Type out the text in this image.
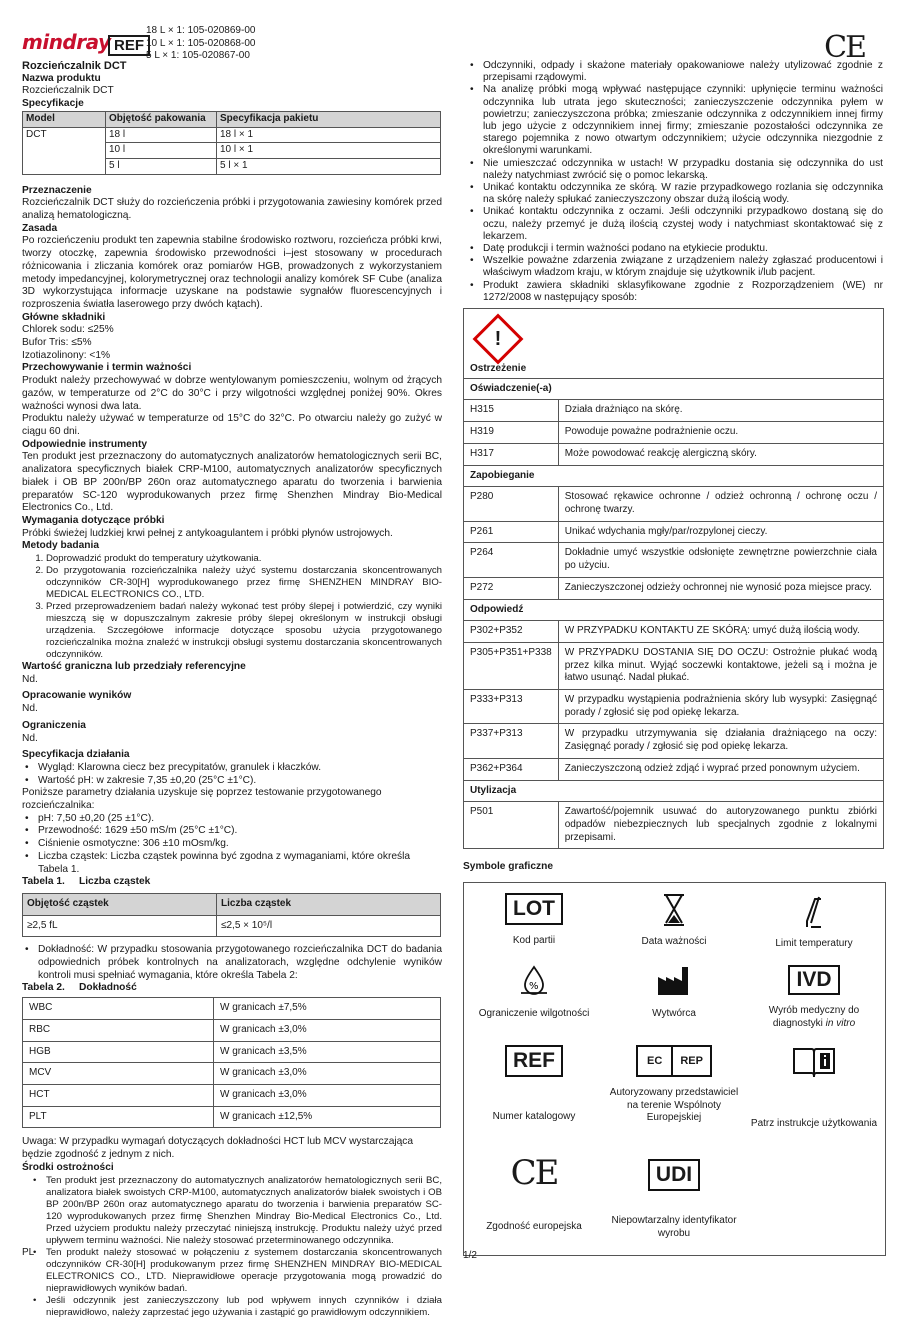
mindray REF
18 L × 1: 105-020869-00
10 L × 1: 105-020868-00
5 L × 1: 105-020867-00	CE
Rozcieńczalnik DCT
Nazwa produktu
Rozcieńczalnik DCT
Specyfikacje
Model	Objętość pakowania	Specyfikacja pakietu
DCT	18 l	18 l × 1
	10 l	10 l × 1
	5 l	5 l × 1
Przeznaczenie

Rozcieńczalnik DCT służy do rozcieńczenia próbki i przygotowania zawiesiny komórek przed analizą hematologiczną.

Zasada

Po rozcieńczeniu produkt ten zapewnia stabilne środowisko roztworu, rozcieńcza próbki krwi, tworzy otoczkę, zapewnia środowisko przewodności i–jest stosowany w procedurach różnicowania i zliczania komórek oraz pomiarów HGB, prowadzonych z wykorzystaniem metody impedancyjnej, kolorymetrycznej oraz technologii analizy komórek SF Cube (analiza 3D wykorzystująca informacje uzyskane na podstawie sygnałów fluorescencyjnych i rozproszenia światła laserowego przy dwóch kątach).

Główne składniki
Chlorek sodu: ≤25%
Bufor Tris: ≤5%
Izotiazolinony: <1%
Przechowywanie i termin ważności

Produkt należy przechowywać w dobrze wentylowanym pomieszczeniu, wolnym od żrących gazów, w temperaturze od 2°C do 30°C i przy wilgotności względnej poniżej 90%. Okres ważności wynosi dwa lata.

Produktu należy używać w temperaturze od 15°C do 32°C. Po otwarciu należy go zużyć w ciągu 60 dni.

Odpowiednie instrumenty

Ten produkt jest przeznaczony do automatycznych analizatorów hematologicznych serii BC, analizatora specyficznych białek CRP-M100, automatycznych analizatorów specyficznych białek i OB BP 200n/BP 260n oraz automatycznego aparatu do tworzenia i barwienia preparatów SC-120 wyprodukowanych przez firmę Shenzhen Mindray Bio-Medical Electronics Co., Ltd.

Wymagania dotyczące próbki

Próbki świeżej ludzkiej krwi pełnej z antykoagulantem i próbki płynów ustrojowych.

Metody badania
1. Doprowadzić produkt do temperatury użytkowania.
2. Do przygotowania rozcieńczalnika należy użyć systemu dostarczania skoncentrowanych odczynników CR-30[H] wyprodukowanego przez firmę SHENZHEN MINDRAY BIO-MEDICAL ELECTRONICS CO., LTD.
3. Przed przeprowadzeniem badań należy wykonać test próby ślepej i potwierdzić, czy wyniki mieszczą się w dopuszczalnym zakresie próby ślepej określonym w instrukcji obsługi urządzenia. Szczegółowe informacje dotyczące sposobu użycia przygotowanego rozcieńczalnika można znaleźć w instrukcji obsługi systemu dostarczania skoncentrowanych odczynników.
Wartość graniczna lub przedziały referencyjne
Nd.
Opracowanie wyników
Nd.
Ograniczenia
Nd.
Specyfikacja działania
• Wygląd: Klarowna ciecz bez precypitatów, granulek i kłaczków.
• Wartość pH: w zakresie 7,35 ±0,20 (25°C ±1°C).
Poniższe parametry działania uzyskuje się poprzez testowanie przygotowanego rozcieńczalnika:
• pH: 7,50 ±0,20 (25 ±1°C).
• Przewodność: 1629 ±50 mS/m (25°C ±1°C).
• Ciśnienie osmotyczne: 306 ±10 mOsm/kg.
• Liczba cząstek: Liczba cząstek powinna być zgodna z wymaganiami, które określa Tabela 1.
Tabela 1.     Liczba cząstek
Objętość cząstek	Liczba cząstek
≥2,5 fL	≤2,5 × 10⁵/l
• Dokładność: W przypadku stosowania przygotowanego rozcieńczalnika DCT do badania odpowiednich próbek kontrolnych na analizatorach, względne odchylenie wyników kontroli musi spełniać wymagania, które określa Tabela 2:
Tabela 2.     Dokładność
WBC	W granicach ±7,5%
RBC	W granicach ±3,0%
HGB	W granicach ±3,5%
MCV	W granicach ±3,0%
HCT	W granicach ±3,0%
PLT	W granicach ±12,5%

Uwaga: W przypadku wymagań dotyczących dokładności HCT lub MCV wystarczająca będzie zgodność z jednym z nich.

Środki ostrożności
• Ten produkt jest przeznaczony do automatycznych analizatorów hematologicznych serii BC, analizatora białek swoistych CRP-M100, automatycznych analizatorów białek swoistych i OB BP 200n/BP 260n oraz automatycznego aparatu do tworzenia i barwienia preparatów SC-120 wyprodukowanych przez firmę Shenzhen Mindray Bio-Medical Electronics Co., Ltd. Przed użyciem produktu należy przeczytać niniejszą instrukcję. Produktu należy użyć przed upływem terminu ważności. Nie należy stosować przeterminowanego odczynnika.
• Ten produkt należy stosować w połączeniu z systemem dostarczania skoncentrowanych odczynników CR-30[H] produkowanym przez firmę SHENZHEN MINDRAY BIO-MEDICAL ELECTRONICS CO., LTD. Nieprawidłowe operacje przygotowania mogą prowadzić do nieprawidłowych wyników badań.
• Jeśli odczynnik jest zanieczyszczony lub pod wpływem innych czynników i działa nieprawidłowo, należy zaprzestać jego używania i zastąpić go prawidłowym odczynnikiem.
PL
• Odczynniki, odpady i skażone materiały opakowaniowe należy utylizować zgodnie z przepisami rządowymi.
• Na analizę próbki mogą wpływać następujące czynniki: upłynięcie terminu ważności odczynnika lub utrata jego skuteczności; zanieczyszczenie odczynnika pyłem w powietrzu; zanieczyszczona próbka; zmieszanie odczynnika z odczynnikiem innej firmy lub jego użycie z odczynnikiem innej firmy; zmieszanie pozostałości odczynnika ze starego pojemnika z nowo otwartym odczynnikiem; użycie odczynnika niezgodnie z określonymi warunkami.
• Nie umieszczać odczynnika w ustach! W przypadku dostania się odczynnika do ust należy natychmiast zwrócić się o pomoc lekarską.
• Unikać kontaktu odczynnika ze skórą. W razie przypadkowego rozlania się odczynnika na skórę należy spłukać zanieczyszczony obszar dużą ilością wody.
• Unikać kontaktu odczynnika z oczami. Jeśli odczynniki przypadkowo dostaną się do oczu, należy przemyć je dużą ilością czystej wody i natychmiast skontaktować się z lekarzem.
• Datę produkcji i termin ważności podano na etykiecie produktu.
• Wszelkie poważne zdarzenia związane z urządzeniem należy zgłaszać producentowi i właściwym władzom kraju, w którym znajduje się użytkownik i/lub pacjent.
• Produkt zawiera składniki sklasyfikowane zgodnie z Rozporządzeniem (WE) nr 1272/2008 w następujący sposób:
!
Ostrzeżenie	

Oświadczenie(-a)	
H315	Działa drażniąco na skórę.
H319	Powoduje poważne podrażnienie oczu.
H317	Może powodować reakcję alergiczną skóry.
Zapobieganie	
P280	Stosować rękawice ochronne / odzież ochronną / ochronę oczu / ochronę twarzy.
P261	Unikać wdychania mgły/par/rozpylonej cieczy.
P264	Dokładnie umyć wszystkie odsłonięte zewnętrzne powierzchnie ciała po użyciu.
P272	Zanieczyszczonej odzieży ochronnej nie wynosić poza miejsce pracy.
Odpowiedź	
P302+P352	W PRZYPADKU KONTAKTU ZE SKÓRĄ: umyć dużą ilością wody.
P305+P351+P338	W PRZYPADKU DOSTANIA SIĘ DO OCZU: Ostrożnie płukać wodą przez kilka minut. Wyjąć soczewki kontaktowe, jeżeli są i można je łatwo usunąć. Nadal płukać.
P333+P313	W przypadku wystąpienia podrażnienia skóry lub wysypki: Zasięgnąć porady / zgłosić się pod opiekę lekarza.
P337+P313	W przypadku utrzymywania się działania drażniącego na oczy: Zasięgnąć porady / zgłosić się pod opiekę lekarza.
P362+P364	Zanieczyszczoną odzież zdjąć i wyprać przed ponownym użyciem.
Utylizacja	
P501	Zawartość/pojemnik usuwać do autoryzowanego punktu zbiórki odpadów niebezpiecznych lub specjalnych zgodnie z lokalnymi przepisami.
Symbole graficzne
LOT
Kod partii	Data ważności	Limit temperatury
%
Ograniczenie wilgotności	Wytwórca
IVD
Wyrób medyczny do diagnostyki in vitro
REF
Numer katalogowy
EC	REP
Autoryzowany przedstawiciel na terenie Wspólnoty Europejskiej	Patrz instrukcje użytkowania
CE
Zgodność europejska
UDI
Niepowtarzalny identyfikator wyrobu
1/2
